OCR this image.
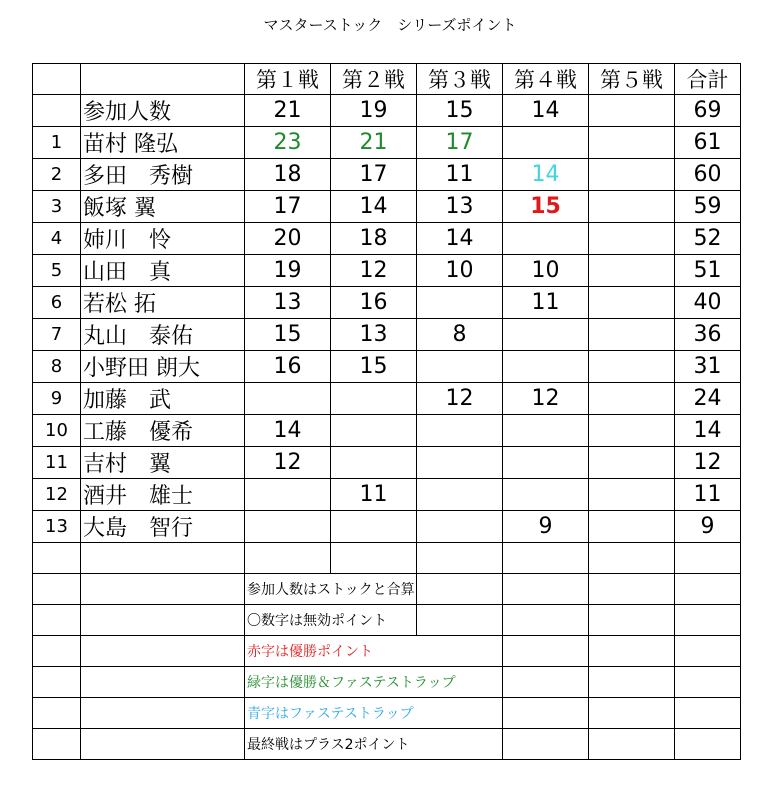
マスターストック　シリーズポイント
		第１戦	第２戦	第３戦	第４戦	第５戦	合計
	参加人数	21	19	15	14		69
1	苗村 隆弘	23	21	17			61
2	多田　秀樹	18	17	11	14		60
3	飯塚 翼	17	14	13	15		59
4	姉川　怜	20	18	14			52
5	山田　真	19	12	10	10		51
6	若松 拓	13	16		11		40
7	丸山　泰佑	15	13	8			36
8	小野田 朗大	16	15				31
9	加藤　武			12	12		24
10	工藤　優希	14					14
11	吉村　翼	12					12
12	酒井　雄士		11				11
13	大島　智行				9		9

		参加人数はストックと合算					
		〇数字は無効ポイント					
		赤字は優勝ポイント					
		緑字は優勝＆ファステストラップ					
		青字はファステストラップ					
		最終戦はプラス2ポイント					
